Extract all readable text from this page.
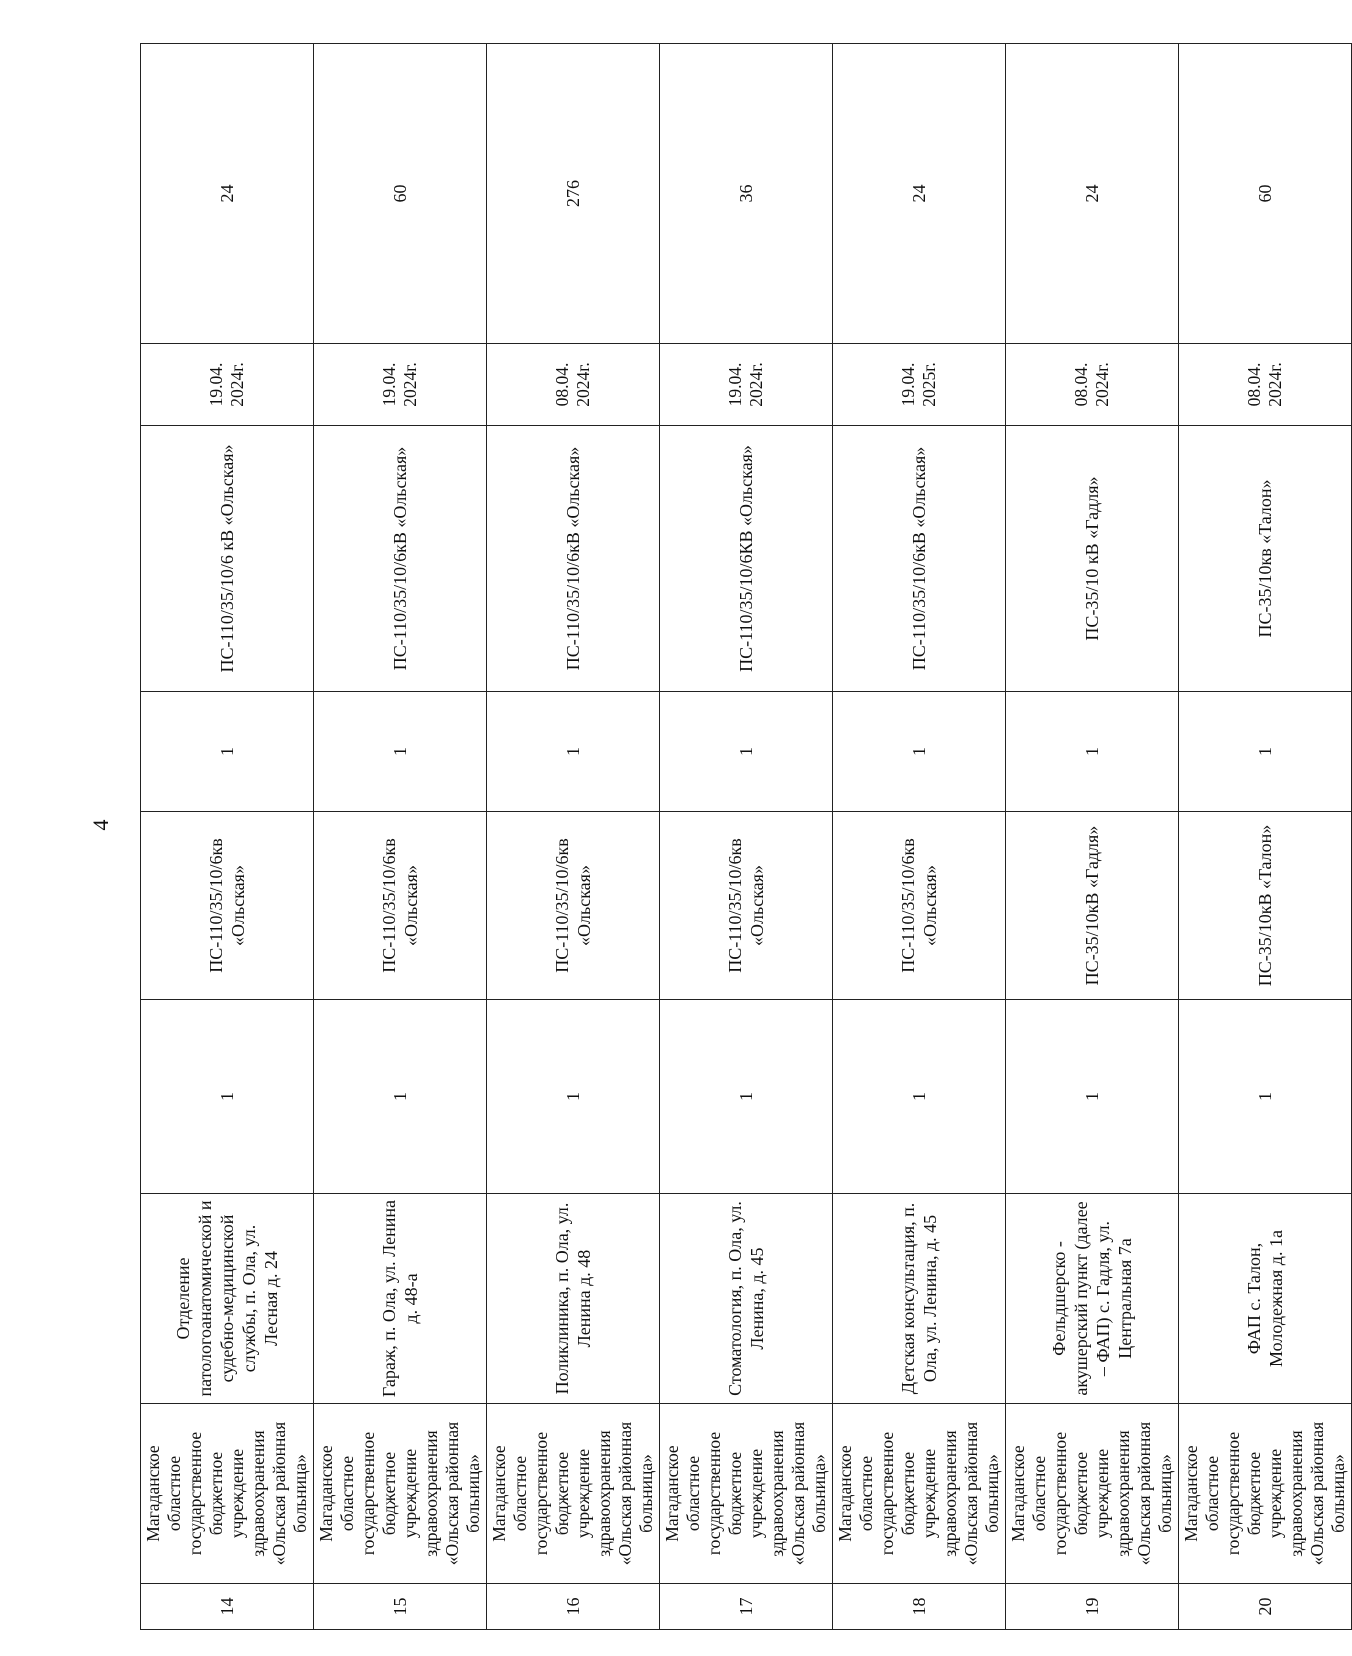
4
14	Магаданское областное государственное бюджетное учреждение здравоохранения «Ольская районная больница»	Отделение патологоанатомической и судебно-медицинской службы, п. Ола, ул. Лесная д. 24	1	ПС-110/35/10/6кв «Ольская»	1	ПС-110/35/10/6 кВ «Ольская»	19.04. 2024г.	24
15	Магаданское областное государственное бюджетное учреждение здравоохранения «Ольская районная больница»	Гараж, п. Ола, ул. Ленина д. 48-а	1	ПС-110/35/10/6кв «Ольская»	1	ПС-110/35/10/6кВ «Ольская»	19.04. 2024г.	60
16	Магаданское областное государственное бюджетное учреждение здравоохранения «Ольская районная больница»	Поликлиника, п. Ола, ул. Ленина д. 48	1	ПС-110/35/10/6кв «Ольская»	1	ПС-110/35/10/6кВ «Ольская»	08.04. 2024г.	276
17	Магаданское областное государственное бюджетное учреждение здравоохранения «Ольская районная больница»	Стоматология, п. Ола, ул. Ленина, д. 45	1	ПС-110/35/10/6кв «Ольская»	1	ПС-110/35/10/6КВ «Ольская»	19.04. 2024г.	36
18	Магаданское областное государственное бюджетное учреждение здравоохранения «Ольская районная больница»	Детская консультация, п. Ола, ул. Ленина, д. 45	1	ПС-110/35/10/6кв «Ольская»	1	ПС-110/35/10/6кВ «Ольская»	19.04. 2025г.	24
19	Магаданское областное государственное бюджетное учреждение здравоохранения «Ольская районная больница»	Фельдшерско - акушерский пункт (далее – ФАП) с. Гадля, ул. Центральная 7а	1	ПС-35/10кВ «Гадля»	1	ПС-35/10 кВ «Гадля»	08.04. 2024г.	24
20	Магаданское областное государственное бюджетное учреждение здравоохранения «Ольская районная больница»	ФАП с. Талон, Молодежная д. 1а	1	ПС-35/10кВ «Талон»	1	ПС-35/10кв «Талон»	08.04. 2024г.	60
